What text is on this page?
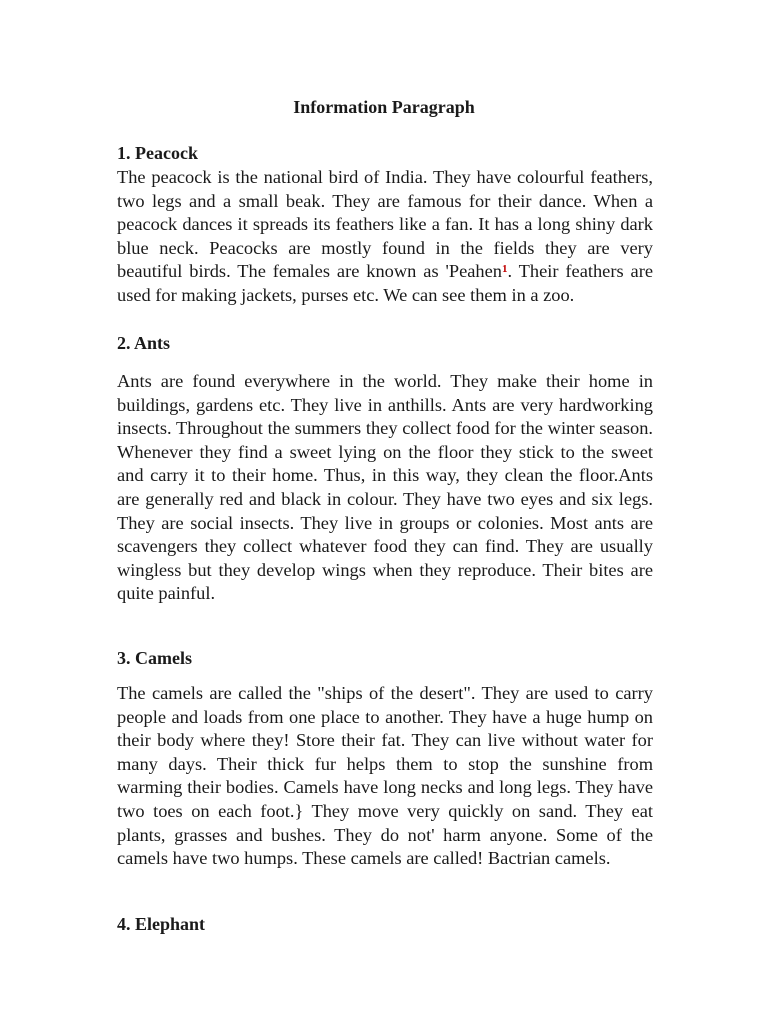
Information Paragraph
1. Peacock

The peacock is the national bird of India. They have colourful feathers, two legs and a small beak. They are famous for their dance. When a peacock dances it spreads its feathers like a fan. It has a long shiny dark blue neck. Peacocks are mostly found in the fields they are very beautiful birds. The females are known as 'Peahen$^1$. Their feathers are used for making jackets, purses etc. We can see them in a zoo.

2. Ants

Ants are found everywhere in the world. They make their home in buildings, gardens etc. They live in anthills. Ants are very hardworking insects. Throughout the summers they collect food for the winter season. Whenever they find a sweet lying on the floor they stick to the sweet and carry it to their home. Thus, in this way, they clean the floor.Ants are generally red and black in colour. They have two eyes and six legs. They are social insects. They live in groups or colonies. Most ants are scavengers they collect whatever food they can find. They are usually wingless but they develop wings when they reproduce. Their bites are quite painful.

3. Camels

The camels are called the "ships of the desert". They are used to carry people and loads from one place to another. They have a huge hump on their body where they! Store their fat. They can live without water for many days. Their thick fur helps them to stop the sunshine from warming their bodies. Camels have long necks and long legs. They have two toes on each foot.} They move very quickly on sand. They eat plants, grasses and bushes. They do not' harm anyone. Some of the camels have two humps. These camels are called! Bactrian camels.

4. Elephant
